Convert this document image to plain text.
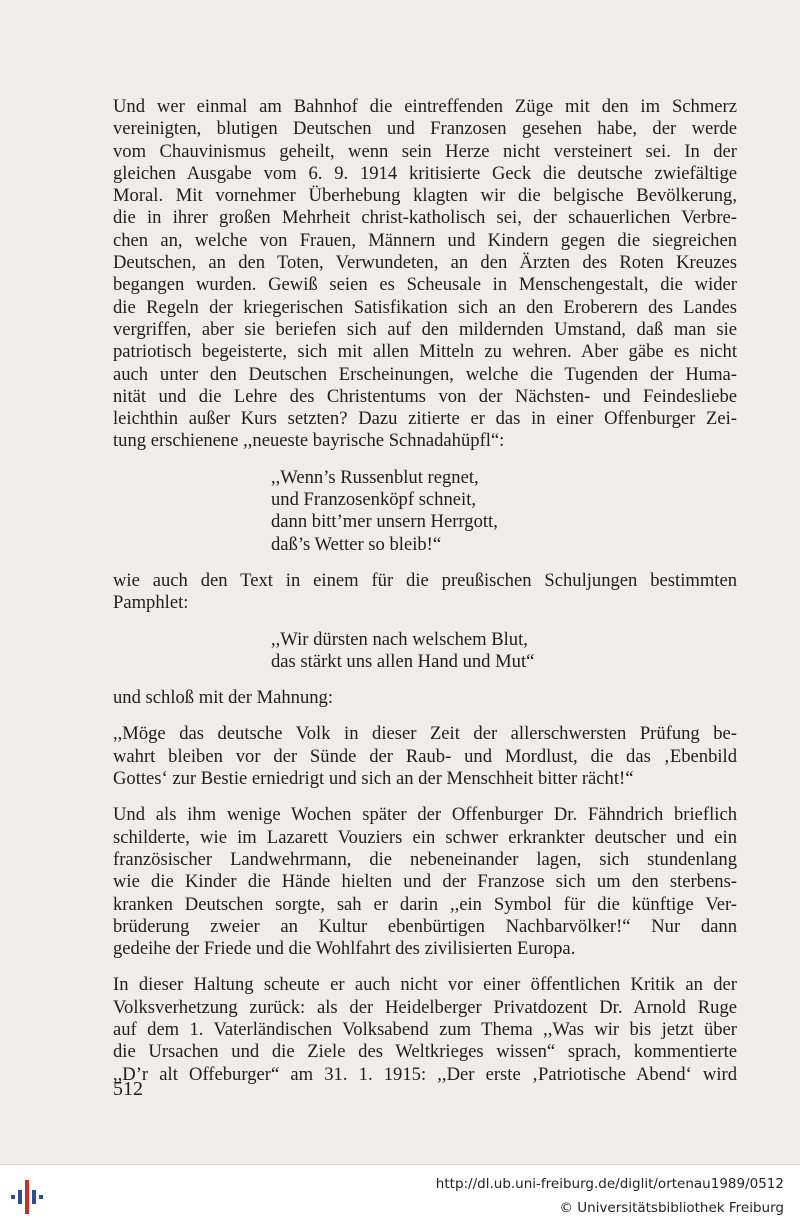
Und wer einmal am Bahnhof die eintreffenden Züge mit den im Schmerz

vereinigten, blutigen Deutschen und Franzosen gesehen habe, der werde

vom Chauvinismus geheilt, wenn sein Herze nicht versteinert sei. In der

gleichen Ausgabe vom 6. 9. 1914 kritisierte Geck die deutsche zwiefältige

Moral. Mit vornehmer Überhebung klagten wir die belgische Bevölkerung,

die in ihrer großen Mehrheit christ-katholisch sei, der schauerlichen Verbre-

chen an, welche von Frauen, Männern und Kindern gegen die siegreichen

Deutschen, an den Toten, Verwundeten, an den Ärzten des Roten Kreuzes

begangen wurden. Gewiß seien es Scheusale in Menschengestalt, die wider

die Regeln der kriegerischen Satisfikation sich an den Eroberern des Landes

vergriffen, aber sie beriefen sich auf den mildernden Umstand, daß man sie

patriotisch begeisterte, sich mit allen Mitteln zu wehren. Aber gäbe es nicht

auch unter den Deutschen Erscheinungen, welche die Tugenden der Huma-

nität und die Lehre des Christentums von der Nächsten- und Feindesliebe

leichthin außer Kurs setzten? Dazu zitierte er das in einer Offenburger Zei-

tung erschienene ,,neueste bayrische Schnadahüpfl“:

,,Wenn’s Russenblut regnet,

und Franzosenköpf schneit,

dann bitt’mer unsern Herrgott,

daß’s Wetter so bleib!“

wie auch den Text in einem für die preußischen Schuljungen bestimmten

Pamphlet:

,,Wir dürsten nach welschem Blut,

das stärkt uns allen Hand und Mut“

und schloß mit der Mahnung:

,,Möge das deutsche Volk in dieser Zeit der allerschwersten Prüfung be-

wahrt bleiben vor der Sünde der Raub- und Mordlust, die das ‚Ebenbild

Gottes‘ zur Bestie erniedrigt und sich an der Menschheit bitter rächt!“

Und als ihm wenige Wochen später der Offenburger Dr. Fähndrich brieflich

schilderte, wie im Lazarett Vouziers ein schwer erkrankter deutscher und ein

französischer Landwehrmann, die nebeneinander lagen, sich stundenlang

wie die Kinder die Hände hielten und der Franzose sich um den sterbens-

kranken Deutschen sorgte, sah er darin ,,ein Symbol für die künftige Ver-

brüderung zweier an Kultur ebenbürtigen Nachbarvölker!“ Nur dann

gedeihe der Friede und die Wohlfahrt des zivilisierten Europa.

In dieser Haltung scheute er auch nicht vor einer öffentlichen Kritik an der

Volksverhetzung zurück: als der Heidelberger Privatdozent Dr. Arnold Ruge

auf dem 1. Vaterländischen Volksabend zum Thema ,,Was wir bis jetzt über

die Ursachen und die Ziele des Weltkrieges wissen“ sprach, kommentierte

,,D’r alt Offeburger“ am 31. 1. 1915: ,,Der erste ‚Patriotische Abend‘ wird

512
http://dl.ub.uni-freiburg.de/diglit/ortenau1989/0512
© Universitätsbibliothek Freiburg
